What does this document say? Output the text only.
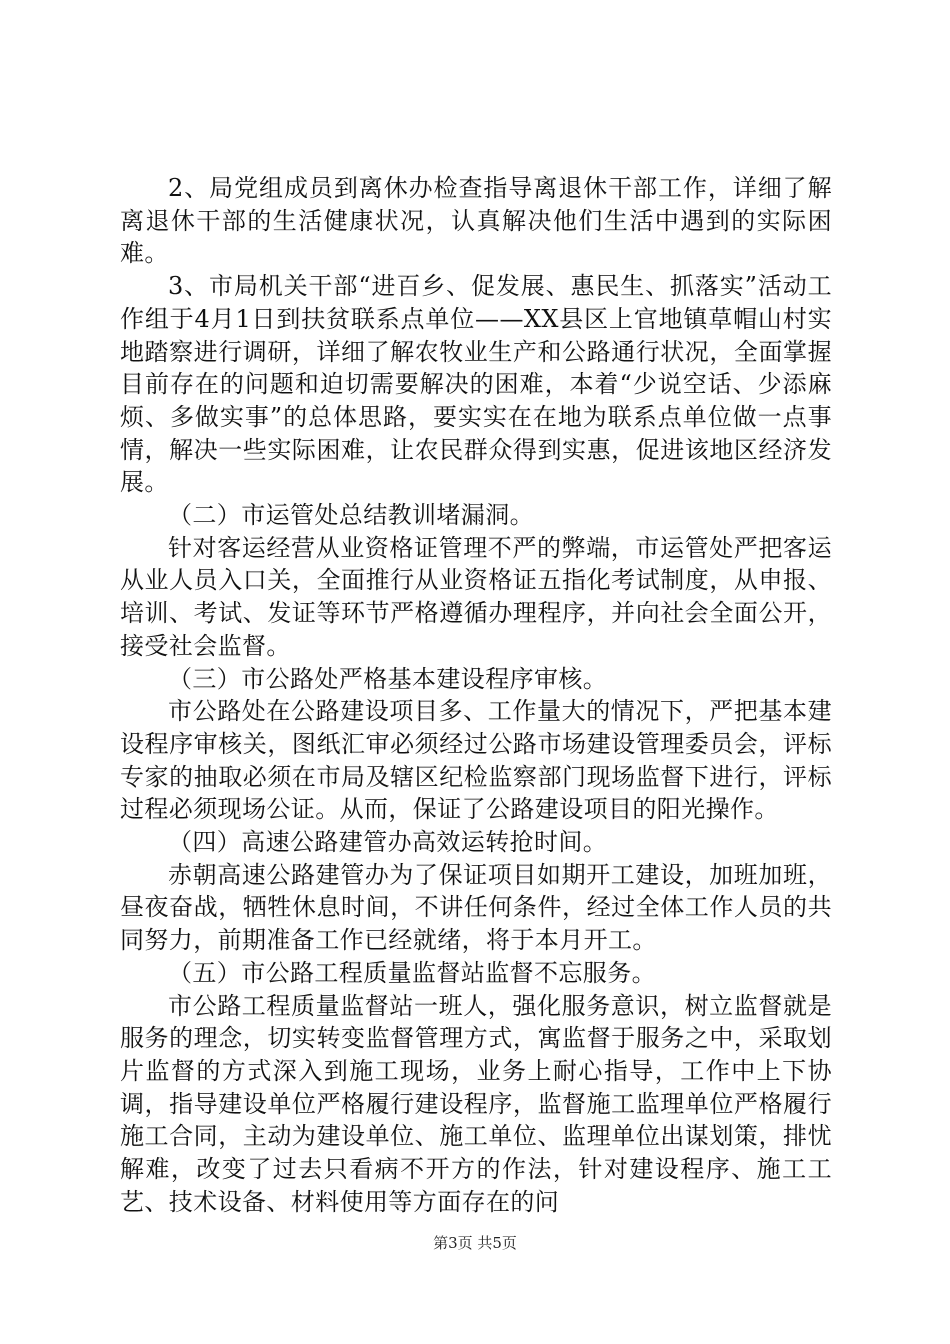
2、局党组成员到离休办检查指导离退休干部工作，详细了解离退休干部的生活健康状况，认真解决他们生活中遇到的实际困难。

3、市局机关干部“进百乡、促发展、惠民生、抓落实”活动工作组于4月1日到扶贫联系点单位——XX县区上官地镇草帽山村实地踏察进行调研，详细了解农牧业生产和公路通行状况，全面掌握目前存在的问题和迫切需要解决的困难，本着“少说空话、少添麻烦、多做实事”的总体思路，要实实在在地为联系点单位做一点事情，解决一些实际困难，让农民群众得到实惠，促进该地区经济发展。

（二）市运管处总结教训堵漏洞。

针对客运经营从业资格证管理不严的弊端，市运管处严把客运从业人员入口关，全面推行从业资格证五指化考试制度，从申报、培训、考试、发证等环节严格遵循办理程序，并向社会全面公开，接受社会监督。

（三）市公路处严格基本建设程序审核。

市公路处在公路建设项目多、工作量大的情况下，严把基本建设程序审核关，图纸汇审必须经过公路市场建设管理委员会，评标专家的抽取必须在市局及辖区纪检监察部门现场监督下进行，评标过程必须现场公证。从而，保证了公路建设项目的阳光操作。

（四）高速公路建管办高效运转抢时间。

赤朝高速公路建管办为了保证项目如期开工建设，加班加班，昼夜奋战，牺牲休息时间，不讲任何条件，经过全体工作人员的共同努力，前期准备工作已经就绪，将于本月开工。

（五）市公路工程质量监督站监督不忘服务。

市公路工程质量监督站一班人，强化服务意识，树立监督就是服务的理念，切实转变监督管理方式，寓监督于服务之中，采取划片监督的方式深入到施工现场，业务上耐心指导，工作中上下协调，指导建设单位严格履行建设程序，监督施工监理单位严格履行施工合同，主动为建设单位、施工单位、监理单位出谋划策，排忧解难，改变了过去只看病不开方的作法，针对建设程序、施工工艺、技术设备、材料使用等方面存在的问

第3页 共5页
